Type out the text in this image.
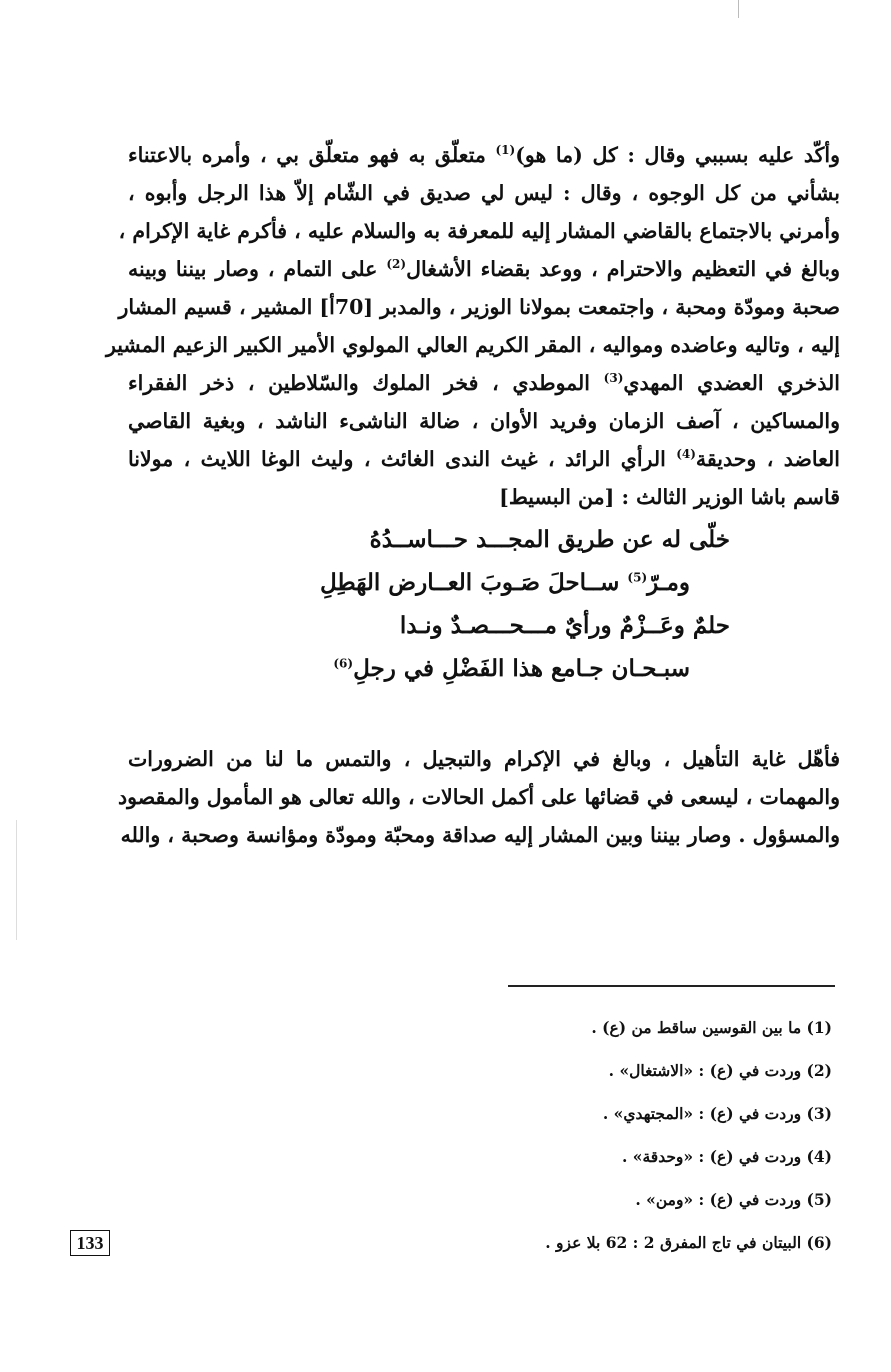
وأكّد عليه بسببي وقال : كل (ما هو)$^{(1)}$ متعلّق به فهو متعلّق بي ، وأمره بالاعتناء
بشأني من كل الوجوه ، وقال : ليس لي صديق في الشّام إلاّ هذا الرجل وأبوه ،
وأمرني بالاجتماع بالقاضي المشار إليه للمعرفة به والسلام عليه ، فأكرم غاية الإكرام ،
وبالغ في التعظيم والاحترام ، ووعد بقضاء الأشغال$^{(2)}$ على التمام ، وصار بيننا وبينه
صحبة ومودّة ومحبة ، واجتمعت بمولانا الوزير ، والمدبر [70أ] المشير ، قسيم المشار
إليه ، وتاليه وعاضده ومواليه ، المقر الكريم العالي المولوي الأمير الكبير الزعيم المشير
الذخري العضدي المهدي$^{(3)}$ الموطدي ، فخر الملوك والسّلاطين ، ذخر الفقراء
والمساكين ، آصف الزمان وفريد الأوان ، ضالة الناشىء الناشد ، وبغية القاصي
العاضد ، وحديقة$^{(4)}$ الرأي الرائد ، غيث الندى الغائث ، وليث الوغا اللايث ، مولانا
قاسم باشا الوزير الثالث : [من البسيط]
خلّى له عن طريق المجـــد حـــاســدُهُ
ومـرّ$^{(5)}$ ســاحلَ صَـوبَ العــارض الهَطِلِ
حلمٌ وعَــزْمٌ ورأيٌ مـــحـــصـدٌ ونـدا
سبـحـان جـامع هذا الفَضْلِ في رجلِ$^{(6)}$
فأهّل غاية التأهيل ، وبالغ في الإكرام والتبجيل ، والتمس ما لنا من الضرورات
والمهمات ، ليسعى في قضائها على أكمل الحالات ، والله تعالى هو المأمول والمقصود
والمسؤول . وصار بيننا وبين المشار إليه صداقة ومحبّة ومودّة ومؤانسة وصحبة ، والله
(1) ما بين القوسين ساقط من (ع) .
(2) وردت في (ع) : «الاشتغال» .
(3) وردت في (ع) : «المجتهدي» .
(4) وردت في (ع) : «وحدقة» .
(5) وردت في (ع) : «ومن» .
(6) البيتان في تاج المفرق 2 : 62 بلا عزو .
133
